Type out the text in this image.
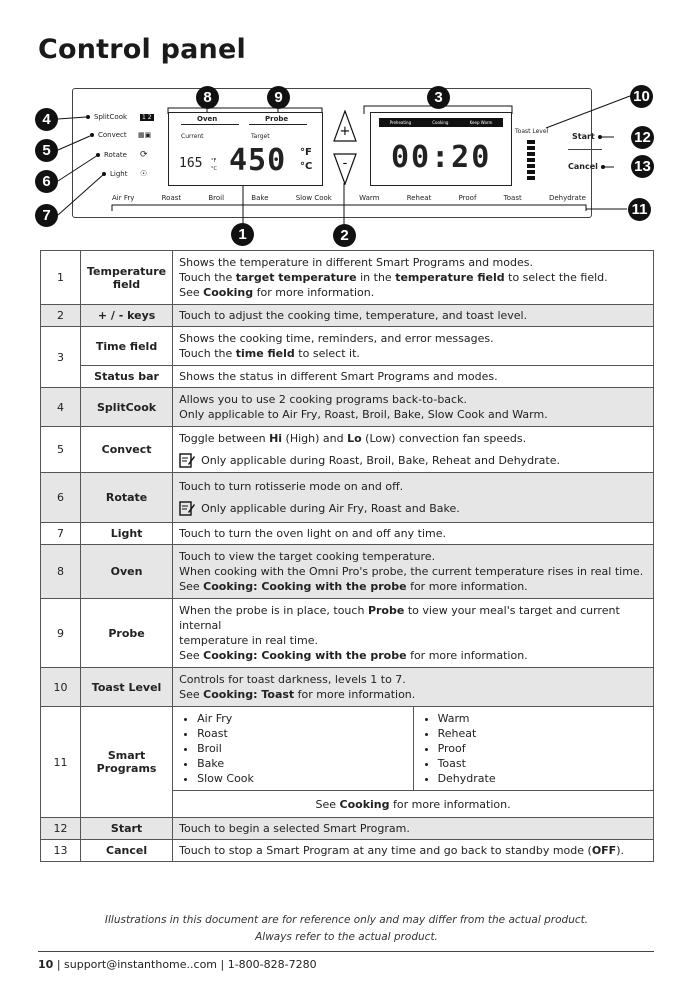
Control panel
4
5
6
7
8	9	3	10
12
13
11
1	2
SplitCook	1 2
Convect	▦▣
Rotate	⟳
Light	☉
Oven	Probe
Current	Target
165 °F
°C 450 °F
°C
+
-
Preheating	Cooking	Keep Warm
00:20
Toast Level
Start
Cancel
Air Fry	Roast	Broil	Bake	Slow Cook	Warm	Reheat	Proof	Toast	Dehydrate
1	Temperature field	
Shows the temperature in different Smart Programs and modes.
Touch the target temperature in the temperature field to select the field.
See Cooking for more information.

2	+ / - keys	Touch to adjust the cooking time, temperature, and toast level.
3	Time field	
Shows the cooking time, reminders, and error messages.
Touch the time field to select it.

Status bar	Shows the status in different Smart Programs and modes.
4	SplitCook	
Allows you to use 2 cooking programs back-to-back.
Only applicable to Air Fry, Roast, Broil, Bake, Slow Cook and Warm.

5	Convect	
Toggle between Hi (High) and Lo (Low) convection fan speeds.
Only applicable during Roast, Broil, Bake, Reheat and Dehydrate.

6	Rotate	
Touch to turn rotisserie mode on and off.
Only applicable during Air Fry, Roast and Bake.

7	Light	Touch to turn the oven light on and off any time.
8	Oven	
Touch to view the target cooking temperature.
When cooking with the Omni Pro's probe, the current temperature rises in real time.
See Cooking: Cooking with the probe for more information.

9	Probe	
When the probe is in place, touch Probe to view your meal's target and current internal
temperature in real time.
See Cooking: Cooking with the probe for more information.

10	Toast Level	
Controls for toast darkness, levels 1 to 7.
See Cooking: Toast for more information.

11	Smart Programs	
• Air Fry
• Roast
• Broil
• Bake
• Slow Cook

• Warm
• Reheat
• Proof
• Toast
• Dehydrate

See Cooking for more information.
12	Start	Touch to begin a selected Smart Program.
13	Cancel	Touch to stop a Smart Program at any time and go back to standby mode (OFF).
Illustrations in this document are for reference only and may differ from the actual product.
Always refer to the actual product.
10 | support@instanthome..com | 1-800-828-7280
